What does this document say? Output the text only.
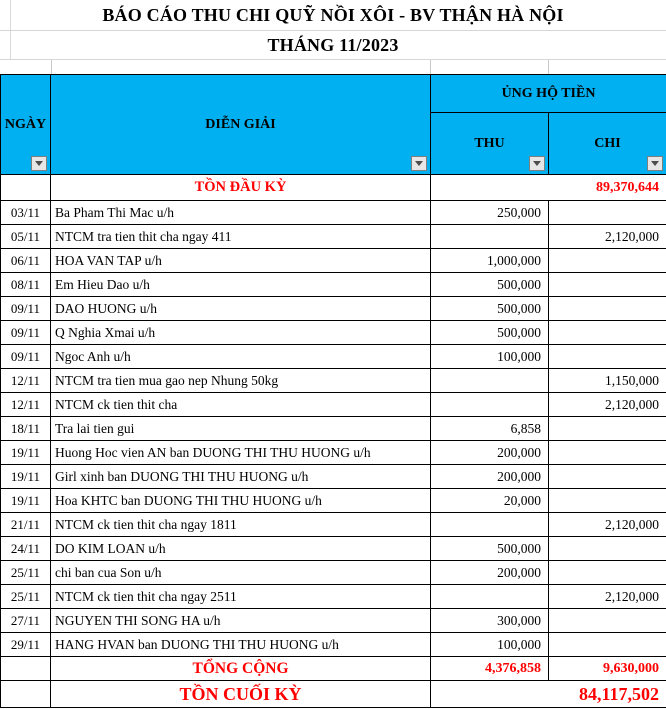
BÁO CÁO THU CHI QUỸ NỒI XÔI - BV THẬN HÀ NỘI
THÁNG 11/2023
NGÀY	DIỄN GIẢI	ỦNG HỘ TIỀN	
		THU	CHI

	TỒN ĐẦU KỲ	89,370,644	
03/11	Ba Pham Thi Mac u/h	250,000	
05/11	NTCM tra tien thit cha ngay 411		2,120,000
06/11	HOA VAN TAP u/h	1,000,000	
08/11	Em Hieu Dao u/h	500,000	
09/11	DAO HUONG u/h	500,000	
09/11	Q Nghia Xmai u/h	500,000	
09/11	Ngoc Anh u/h	100,000	
12/11	NTCM tra tien mua gao nep Nhung 50kg		1,150,000
12/11	NTCM ck tien thit cha		2,120,000
18/11	Tra lai tien gui	6,858	
19/11	Huong Hoc vien AN ban DUONG THI THU HUONG u/h	200,000	
19/11	Girl xinh ban DUONG THI THU HUONG u/h	200,000	
19/11	Hoa KHTC ban DUONG THI THU HUONG u/h	20,000	
21/11	NTCM ck tien thit cha ngay 1811		2,120,000
24/11	DO KIM LOAN u/h	500,000	
25/11	chi ban cua Son u/h	200,000	
25/11	NTCM ck tien thit cha ngay 2511		2,120,000
27/11	NGUYEN THI SONG HA u/h	300,000	
29/11	HANG HVAN ban DUONG THI THU HUONG u/h	100,000	
	TỔNG CỘNG	4,376,858	9,630,000
	TỒN CUỐI KỲ	84,117,502	
